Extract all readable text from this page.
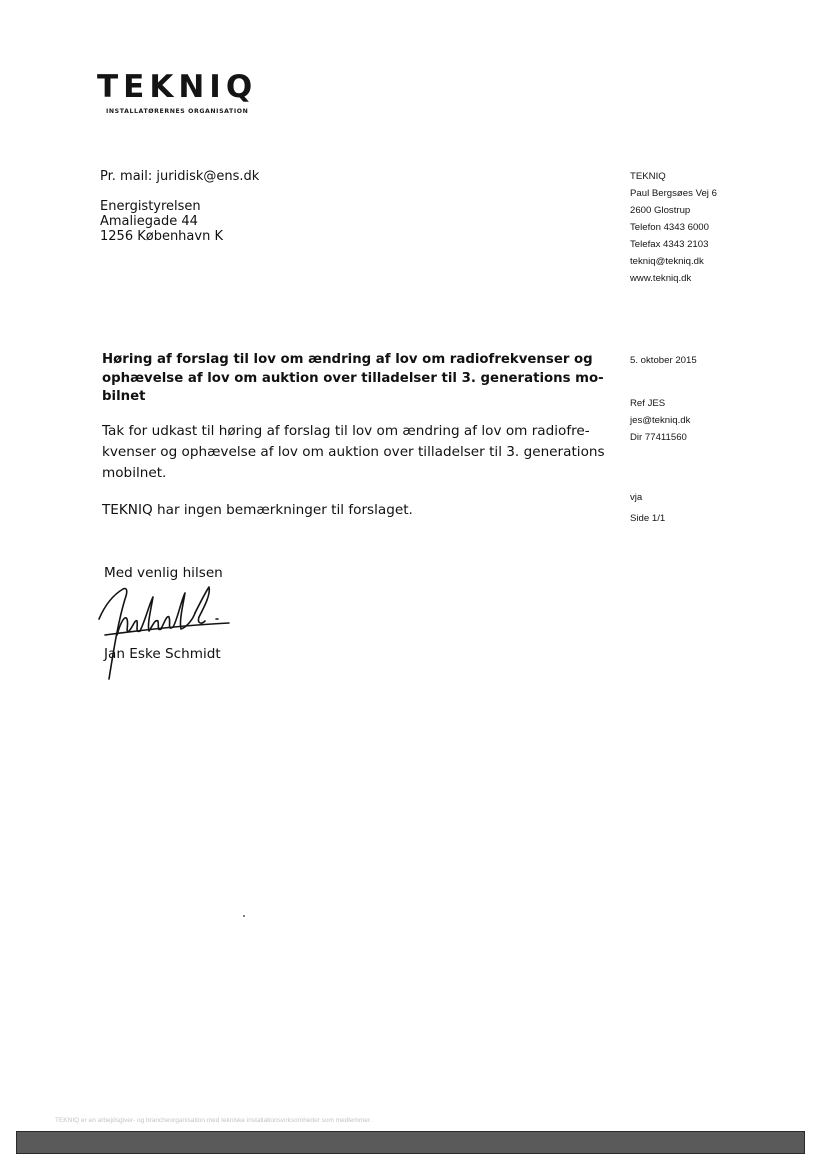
TEKNIQ
INSTALLATØRERNES ORGANISATION
Pr. mail: juridisk@ens.dk
Energistyrelsen
Amaliegade 44
1256 København K
TEKNIQ
Paul Bergsøes Vej 6
2600 Glostrup
Telefon 4343 6000
Telefax 4343 2103
tekniq@tekniq.dk
www.tekniq.dk
5. oktober 2015
Ref JES
jes@tekniq.dk
Dir 77411560
vja
Side 1/1
Høring af forslag til lov om ændring af lov om radiofrekvenser og
ophævelse af lov om auktion over tilladelser til 3. generations mo-
bilnet
Tak for udkast til høring af forslag til lov om ændring af lov om radiofre-
kvenser og ophævelse af lov om auktion over tilladelser til 3. generations
mobilnet.
TEKNIQ har ingen bemærkninger til forslaget.
Med venlig hilsen
Jan Eske Schmidt
TEKNIQ er en arbejdsgiver- og brancheorganisation med tekniske installationsvirksomheder som medlemmer.
